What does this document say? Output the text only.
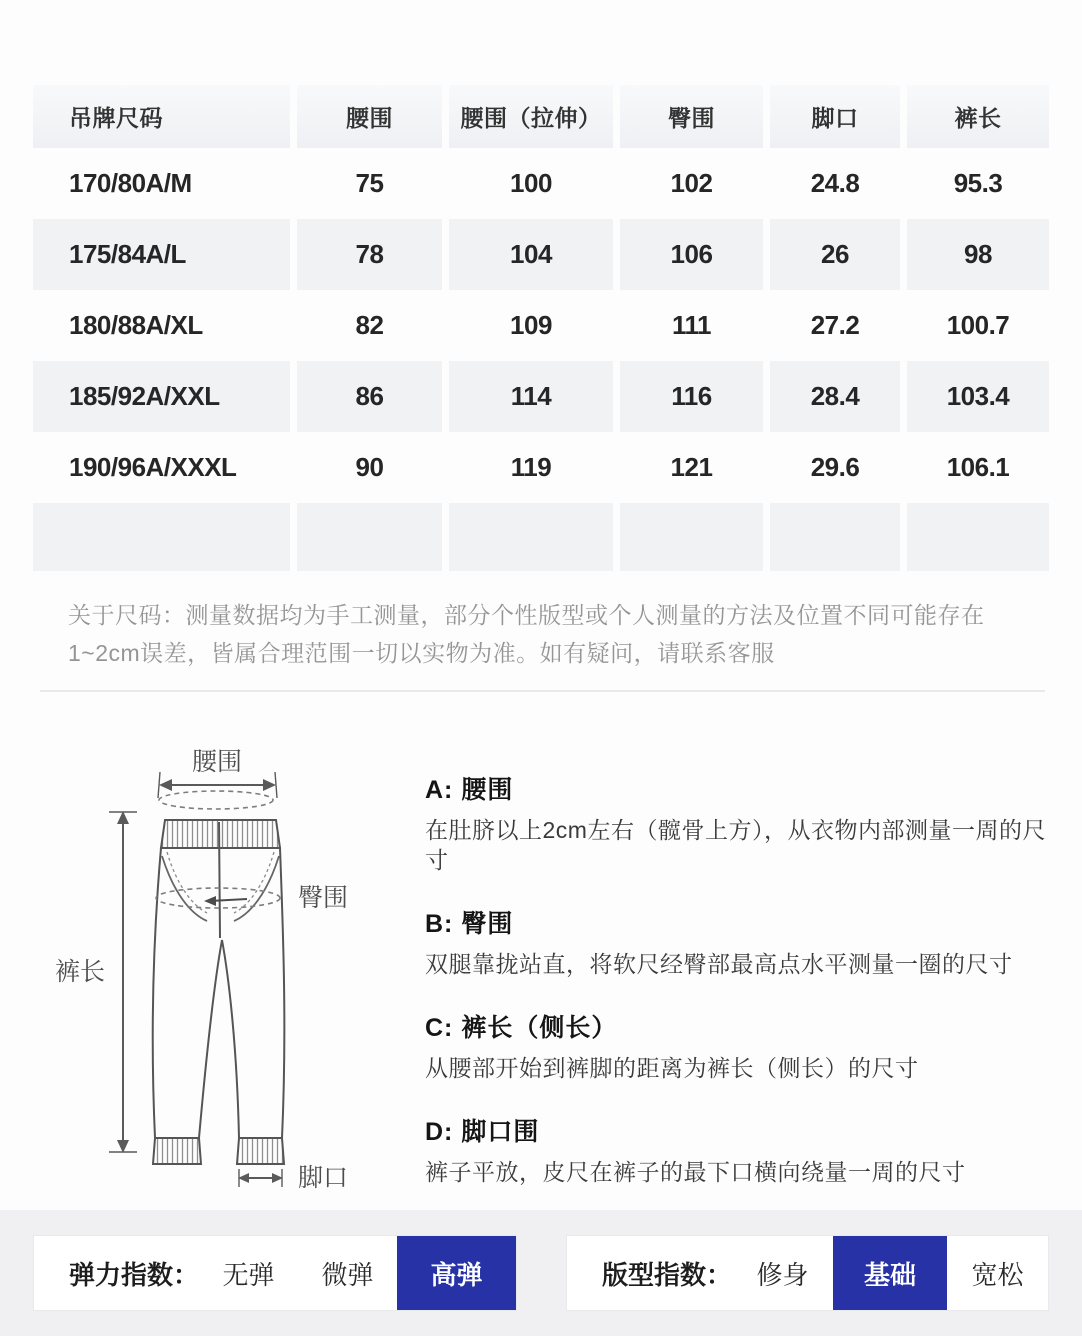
吊牌尺码	腰围	腰围（拉伸）	臀围	脚口	裤长
170/80A/M	75	100	102	24.8	95.3
175/84A/L	78	104	106	26	98
180/88A/XL	82	109	111	27.2	100.7
185/92A/XXL	86	114	116	28.4	103.4
190/96A/XXXL	90	119	121	29.6	106.1
关于尺码：测量数据均为手工测量，部分个性版型或个人测量的方法及位置不同可能存在1~2cm误差，皆属合理范围一切以实物为准。如有疑问，请联系客服
腰围
臀围
裤长
脚口
A: 腰围
在肚脐以上2cm左右（髋骨上方），从衣物内部测量一周的尺寸
B: 臀围
双腿靠拢站直，将软尺经臀部最高点水平测量一圈的尺寸
C: 裤长（侧长）
从腰部开始到裤脚的距离为裤长（侧长）的尺寸
D: 脚口围
裤子平放，皮尺在裤子的最下口横向绕量一周的尺寸
弹力指数： 无弹	微弹	高弹	版型指数： 修身	基础	宽松
